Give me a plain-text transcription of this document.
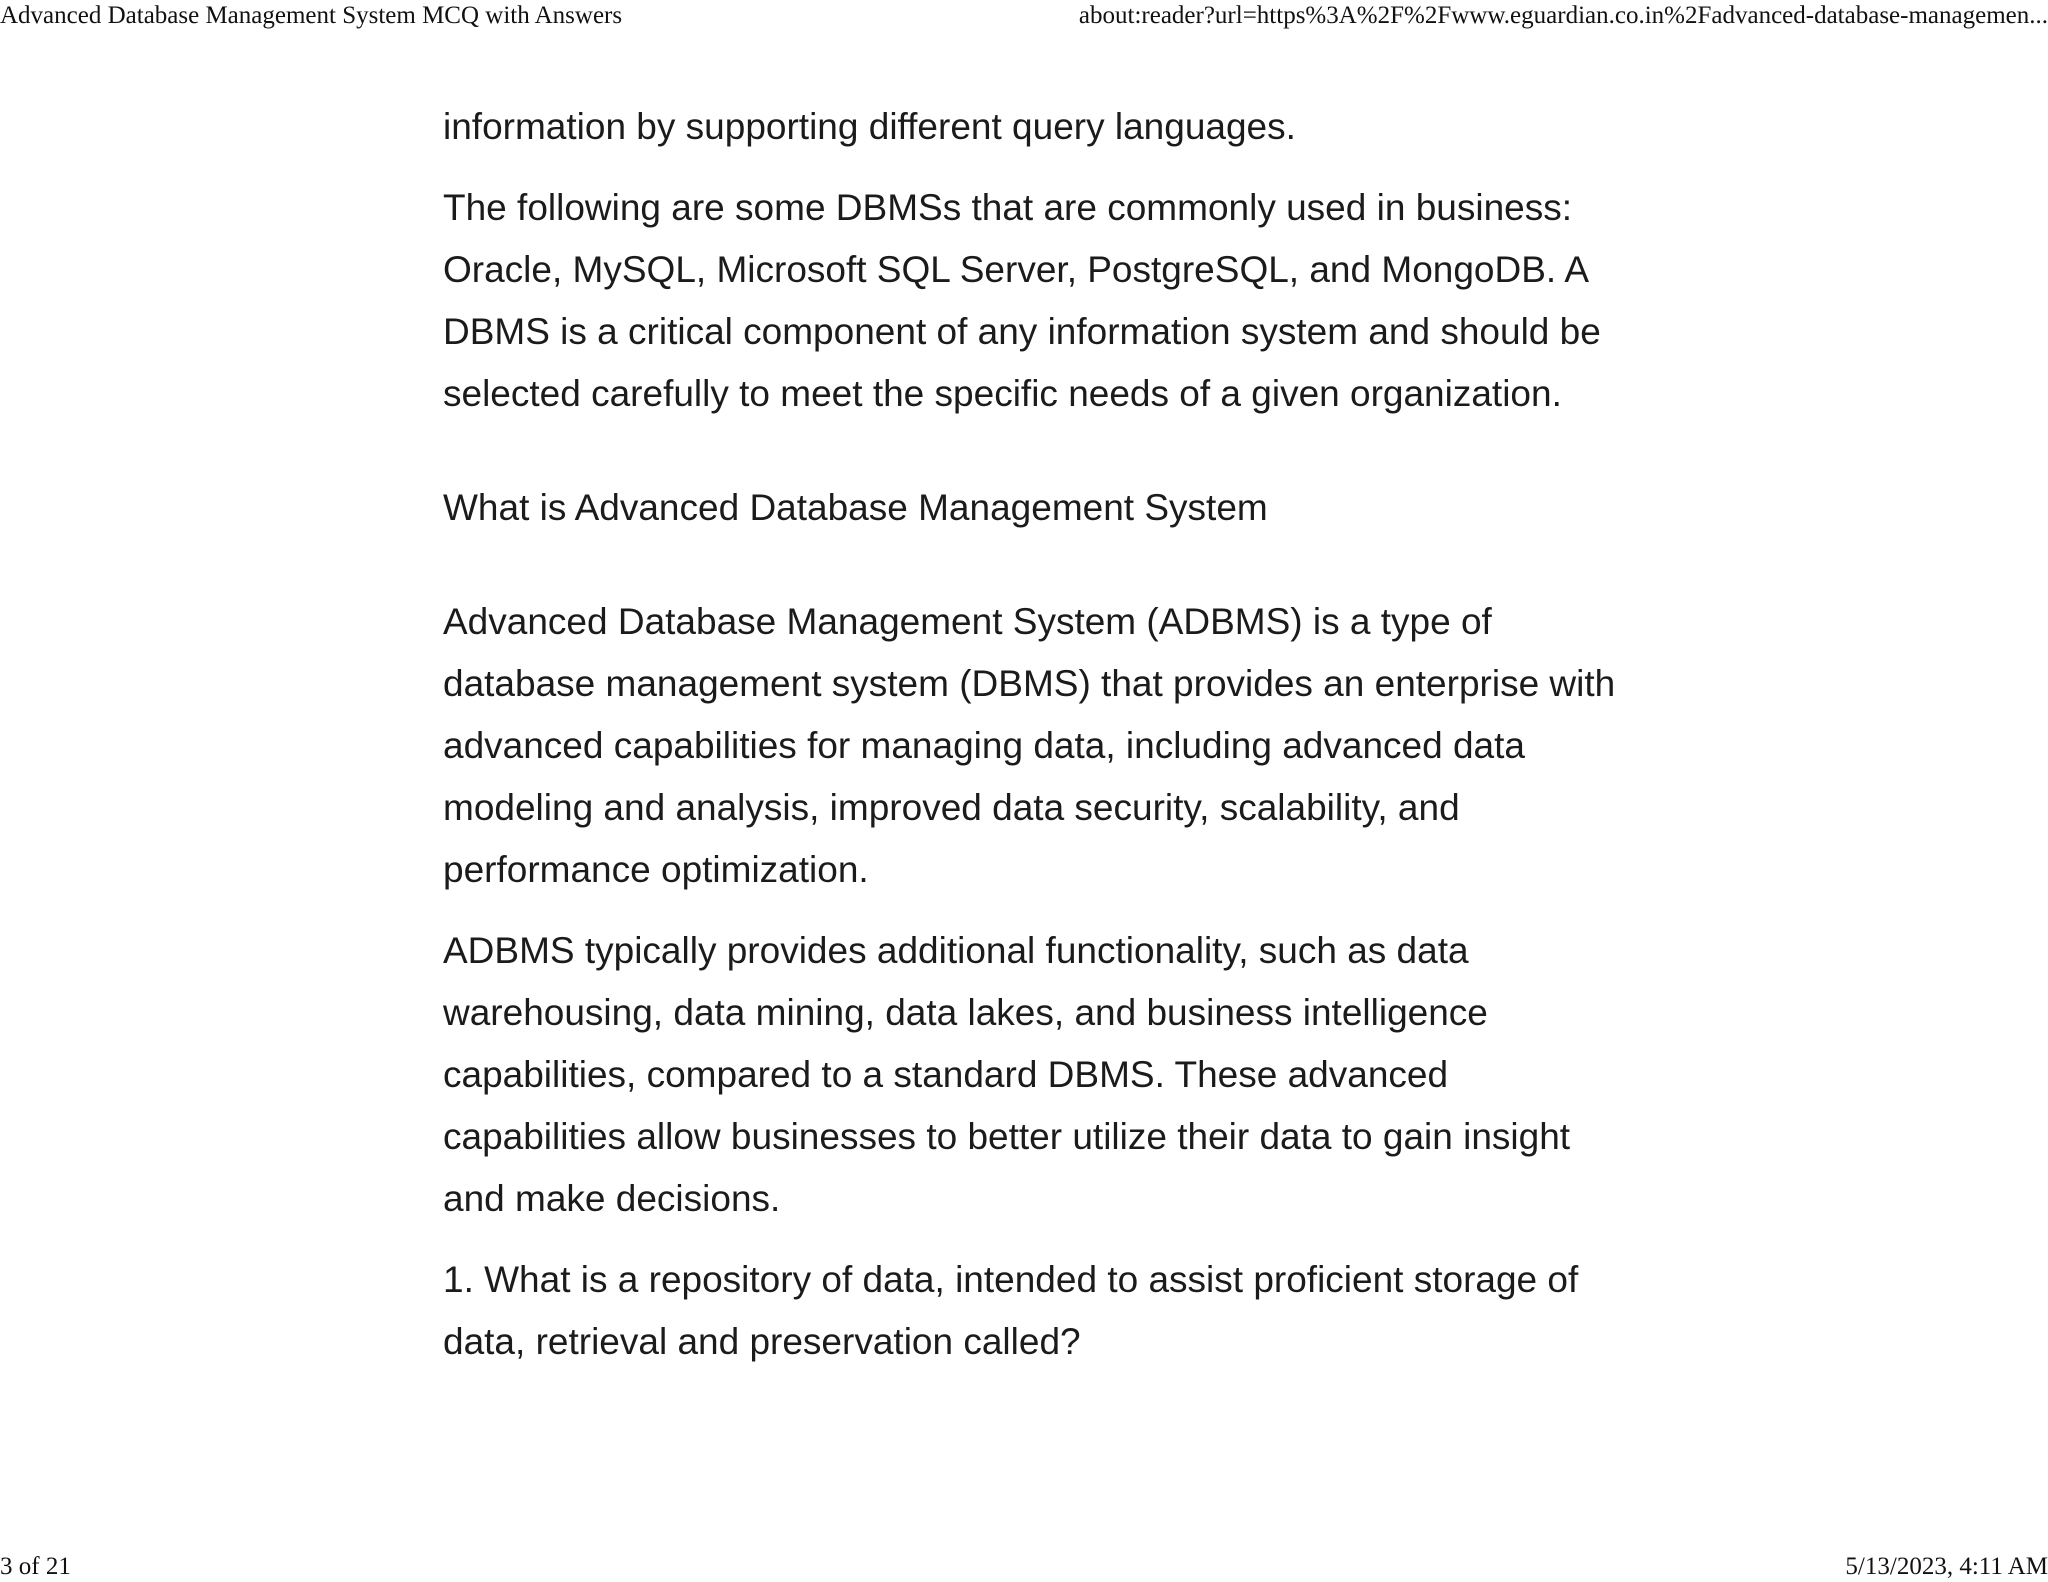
Advanced Database Management System MCQ with Answers	about:reader?url=https%3A%2F%2Fwww.eguardian.co.in%2Fadvanced-database-managemen...

information by supporting different query languages.

The following are some DBMSs that are commonly used in business: Oracle, MySQL, Microsoft SQL Server, PostgreSQL, and MongoDB. A DBMS is a critical component of any information system and should be selected carefully to meet the specific needs of a given organization.

What is Advanced Database Management System

Advanced Database Management System (ADBMS) is a type of database management system (DBMS) that provides an enterprise with advanced capabilities for managing data, including advanced data modeling and analysis, improved data security, scalability, and performance optimization.

ADBMS typically provides additional functionality, such as data warehousing, data mining, data lakes, and business intelligence capabilities, compared to a standard DBMS. These advanced capabilities allow businesses to better utilize their data to gain insight and make decisions.

1. What is a repository of data, intended to assist proficient storage of data, retrieval and preservation called?

3 of 21	5/13/2023, 4:11 AM
